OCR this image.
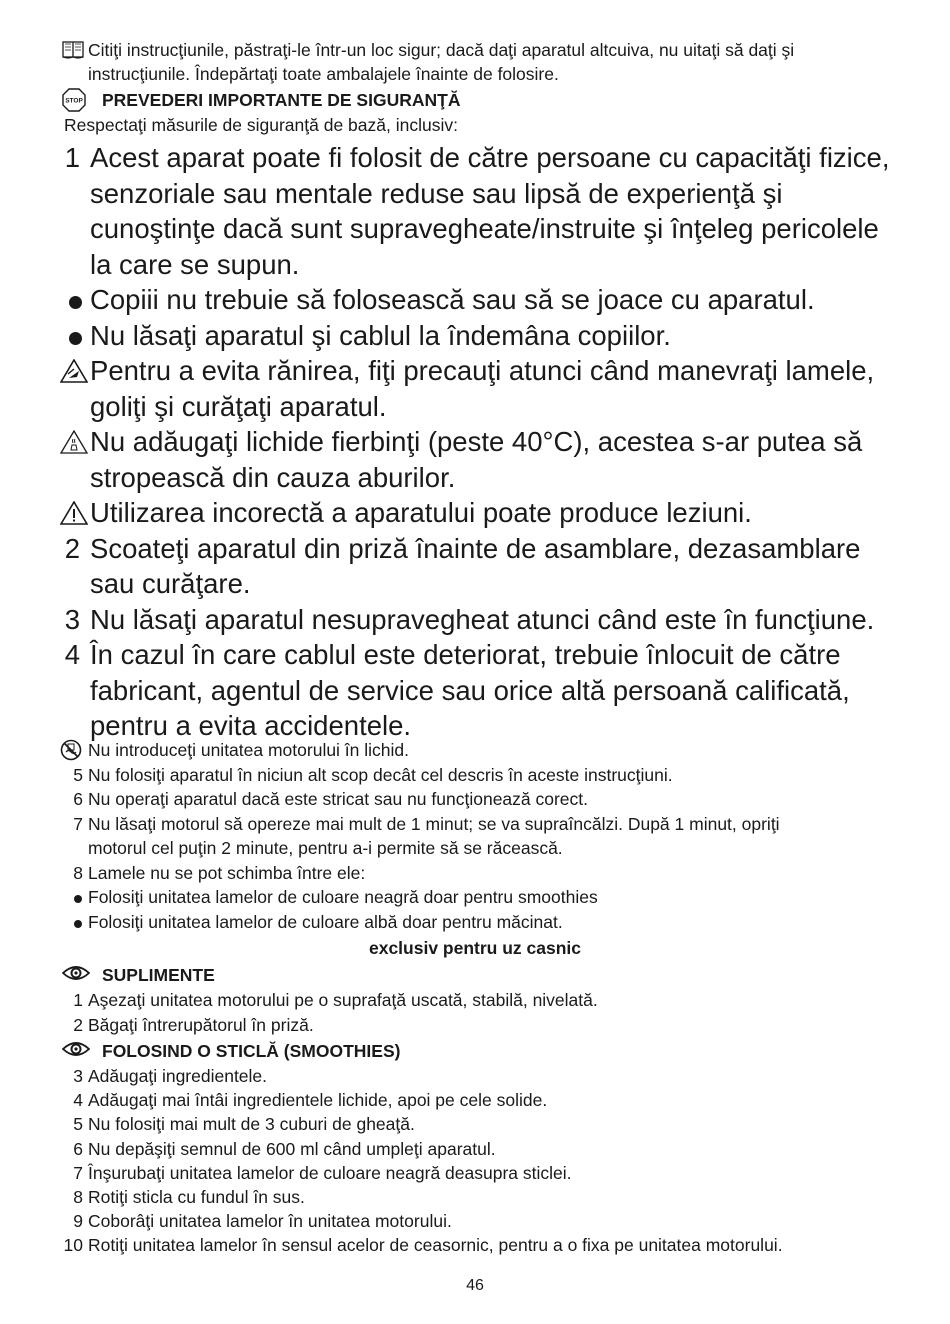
Citiţi instrucţiunile, păstraţi-le într-un loc sigur; dacă daţi aparatul altcuiva, nu uitaţi să daţi şi
instrucţiunile. Îndepărtaţi toate ambalajele înainte de folosire.
STOP PREVEDERI IMPORTANTE DE SIGURANŢĂ
Respectaţi măsurile de siguranţă de bază, inclusiv:
1 Acest aparat poate fi folosit de către persoane cu capacităţi fizice,
senzoriale sau mentale reduse sau lipsă de experienţă şi
cunoştinţe dacă sunt supravegheate/instruite şi înţeleg pericolele
la care se supun.
Copiii nu trebuie să folosească sau să se joace cu aparatul.
Nu lăsaţi aparatul şi cablul la îndemâna copiilor.
Pentru a evita rănirea, fiţi precauţi atunci când manevraţi lamele,
goliţi şi curăţaţi aparatul.
Nu adăugaţi lichide fierbinţi (peste 40°C), acestea s-ar putea să
stropească din cauza aburilor.
Utilizarea incorectă a aparatului poate produce leziuni.
2 Scoateţi aparatul din priză înainte de asamblare, dezasamblare
sau curăţare.
3 Nu lăsaţi aparatul nesupravegheat atunci când este în funcţiune.
4 În cazul în care cablul este deteriorat, trebuie înlocuit de către
fabricant, agentul de service sau orice altă persoană calificată,
pentru a evita accidentele.
Nu introduceţi unitatea motorului în lichid.
5 Nu folosiţi aparatul în niciun alt scop decât cel descris în aceste instrucţiuni.
6 Nu operaţi aparatul dacă este stricat sau nu funcţionează corect.
7 Nu lăsaţi motorul să opereze mai mult de 1 minut; se va supraîncălzi. După 1 minut, opriţi
motorul cel puţin 2 minute, pentru a-i permite să se răcească.
8 Lamele nu se pot schimba între ele:
Folosiţi unitatea lamelor de culoare neagră doar pentru smoothies
Folosiţi unitatea lamelor de culoare albă doar pentru măcinat.
exclusiv pentru uz casnic
SUPLIMENTE
1 Aşezaţi unitatea motorului pe o suprafaţă uscată, stabilă, nivelată.
2 Băgaţi întrerupătorul în priză.
FOLOSIND O STICLĂ (SMOOTHIES)
3 Adăugaţi ingredientele.
4 Adăugaţi mai întâi ingredientele lichide, apoi pe cele solide.
5 Nu folosiţi mai mult de 3 cuburi de gheaţă.
6 Nu depăşiţi semnul de 600 ml când umpleţi aparatul.
7 Înşurubaţi unitatea lamelor de culoare neagră deasupra sticlei.
8 Rotiţi sticla cu fundul în sus.
9 Coborâţi unitatea lamelor în unitatea motorului.
10 Rotiţi unitatea lamelor în sensul acelor de ceasornic, pentru a o fixa pe unitatea motorului.
46
